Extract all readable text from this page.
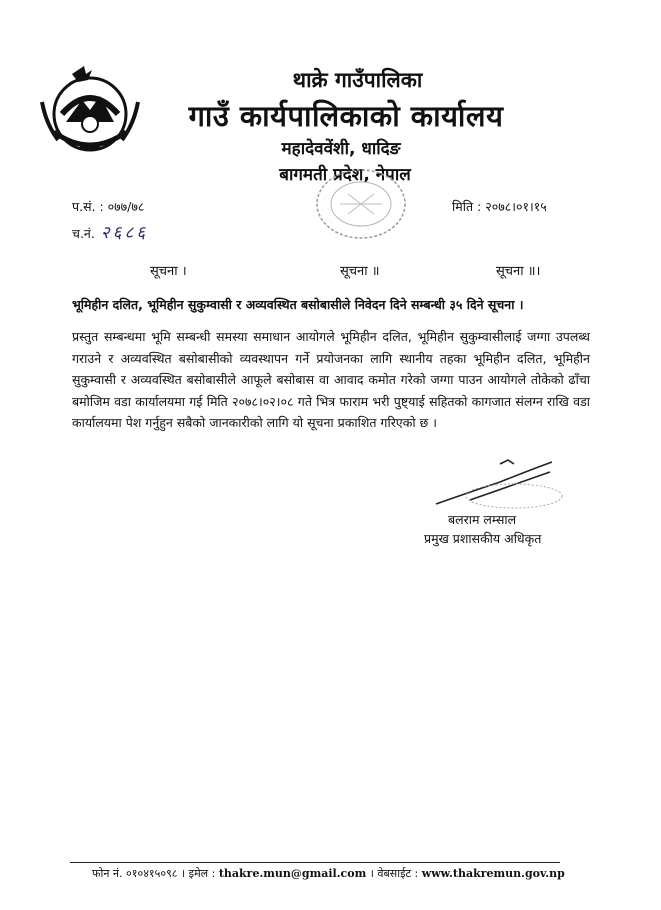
थाक्रे गाउँपालिका
गाउँ कार्यपालिकाको कार्यालय
महादेववेंशी, धादिङ
बागमती प्रदेश, नेपाल
प.सं. : ०७७/७८
च.नं. २६८६
मिति : २०७८।०१।१५
सूचना ।	सूचना ॥	सूचना ॥।
भूमिहीन दलित, भूमिहीन सुकुम्वासी र अव्यवस्थित बसोबासीले निवेदन दिने सम्बन्धी ३५ दिने सूचना ।

प्रस्तुत सम्बन्धमा भूमि सम्बन्धी समस्या समाधान आयोगले भूमिहीन दलित, भूमिहीन सुकुम्वासीलाई जग्गा उपलब्ध गराउने र अव्यवस्थित बसोबासीको व्यवस्थापन गर्ने प्रयोजनका लागि स्थानीय तहका भूमिहीन दलित, भूमिहीन सुकुम्वासी र अव्यवस्थित बसोबासीले आफूले बसोबास वा आवाद कमोत गरेको जग्गा पाउन आयोगले तोकेको ढाँचा बमोजिम वडा कार्यालयमा गई मिति २०७८।०२।०८ गते भित्र फाराम भरी पुष्ट्याई सहितको कागजात संलग्न राखि वडा कार्यालयमा पेश गर्नुहुन सबैको जानकारीको लागि यो सूचना प्रकाशित गरिएको छ ।

बलराम लम्साल
प्रमुख प्रशासकीय अधिकृत
फोन नं. ०१०४१५०९८ । इमेल : thakre.mun@gmail.com । वेबसाईट : www.thakremun.gov.np
